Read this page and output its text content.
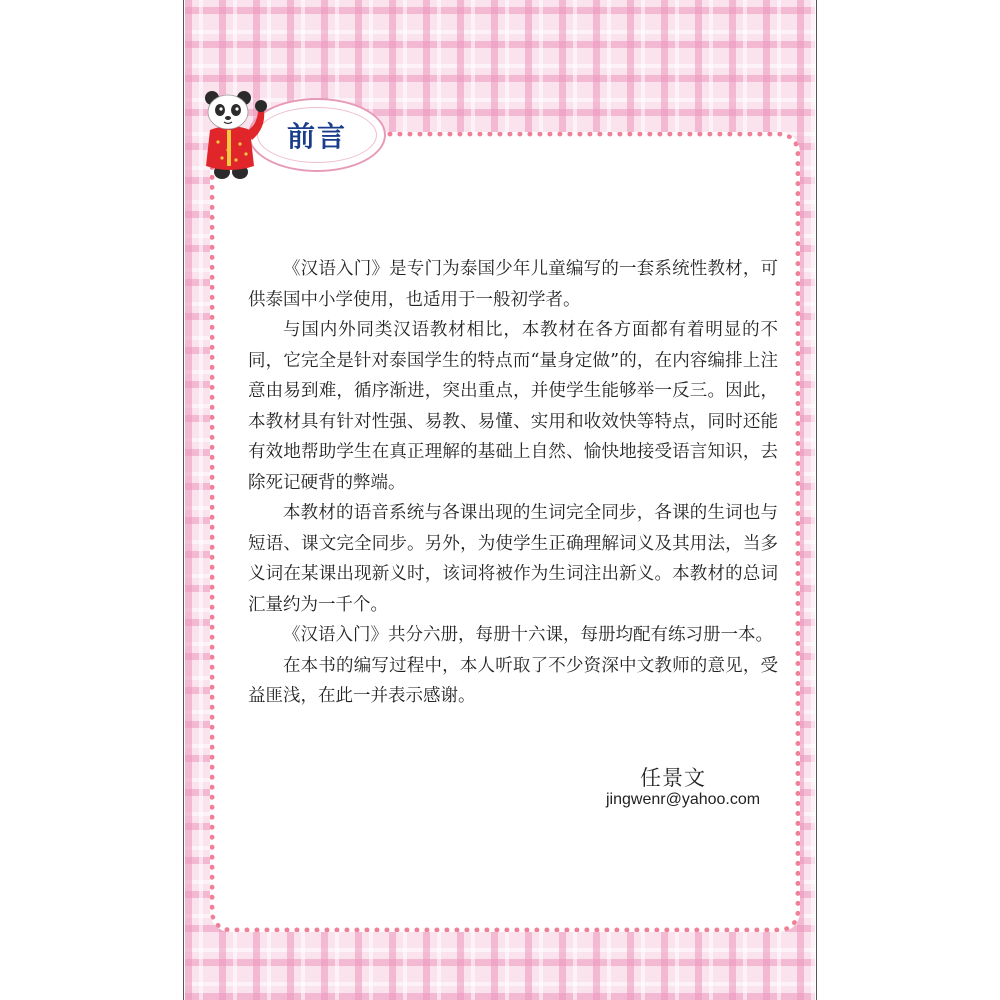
前言

《汉语入门》是专门为泰国少年儿童编写的一套系统性教材，可供泰国中小学使用，也适用于一般初学者。

与国内外同类汉语教材相比，本教材在各方面都有着明显的不同，它完全是针对泰国学生的特点而“量身定做”的，在内容编排上注意由易到难，循序渐进，突出重点，并使学生能够举一反三。因此，本教材具有针对性强、易教、易懂、实用和收效快等特点，同时还能有效地帮助学生在真正理解的基础上自然、愉快地接受语言知识，去除死记硬背的弊端。

本教材的语音系统与各课出现的生词完全同步，各课的生词也与短语、课文完全同步。另外，为使学生正确理解词义及其用法，当多义词在某课出现新义时，该词将被作为生词注出新义。本教材的总词汇量约为一千个。

《汉语入门》共分六册，每册十六课，每册均配有练习册一本。

在本书的编写过程中，本人听取了不少资深中文教师的意见，受益匪浅，在此一并表示感谢。

任景文
jingwenr@yahoo.com
